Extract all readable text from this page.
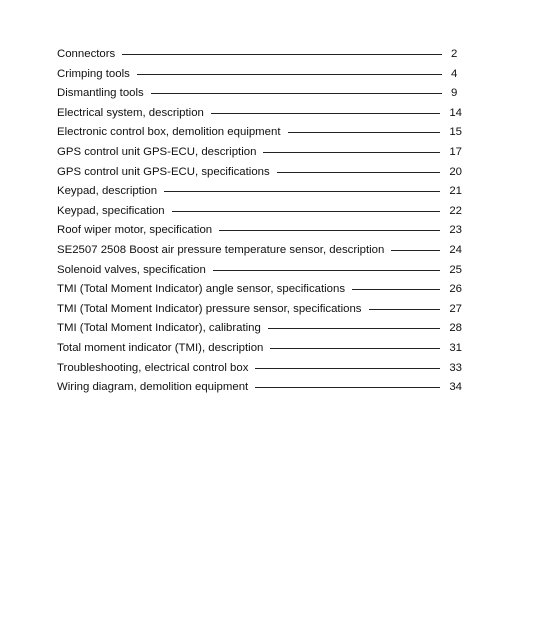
Connectors	2
Crimping tools	4
Dismantling tools	9
Electrical system, description	14
Electronic control box, demolition equipment	15
GPS control unit GPS-ECU, description	17
GPS control unit GPS-ECU, specifications	20
Keypad, description	21
Keypad, specification	22
Roof wiper motor, specification	23
SE2507 2508 Boost air pressure temperature sensor, description	24
Solenoid valves, specification	25
TMI (Total Moment Indicator) angle sensor, specifications	26
TMI (Total Moment Indicator) pressure sensor, specifications	27
TMI (Total Moment Indicator), calibrating	28
Total moment indicator (TMI), description	31
Troubleshooting, electrical control box	33
Wiring diagram, demolition equipment	34
